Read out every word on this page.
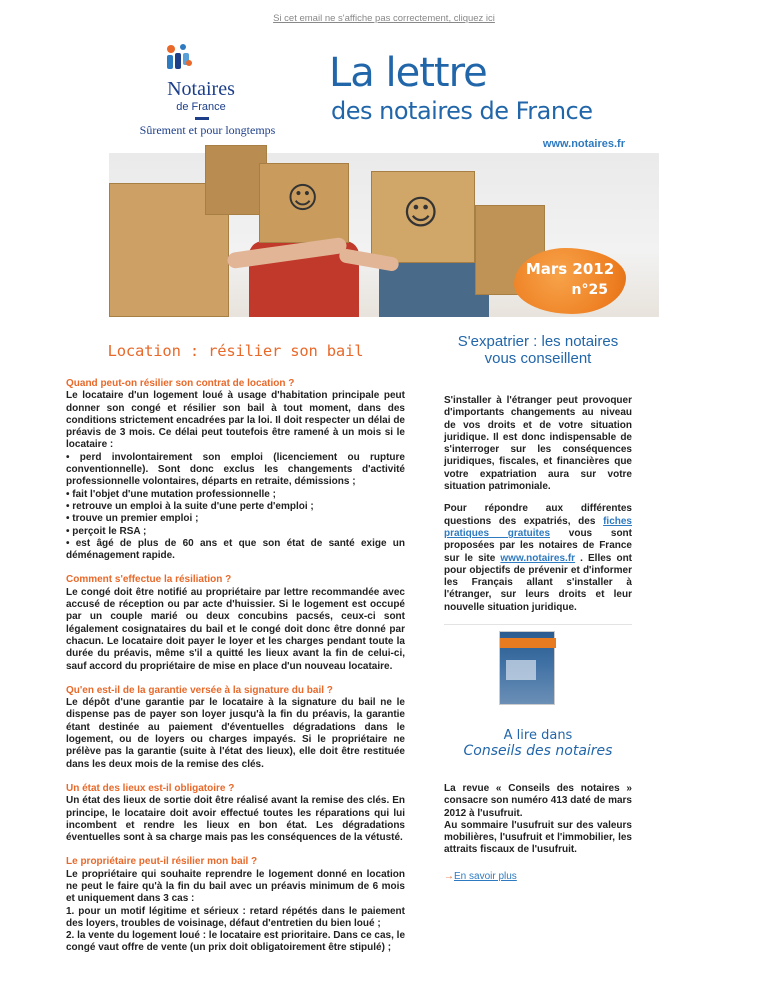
Si cet email ne s'affiche pas correctement, cliquez ici
Notaires
de France
Sûrement et pour longtemps
La lettre
des notaires de France
www.notaires.fr
☺ ☺
Mars 2012
n°25
Location : résilier son bail
Quand peut-on résilier son contrat de location ?
Le locataire d'un logement loué à usage d'habitation principale peut donner son congé et résilier son bail à tout moment, dans des conditions strictement encadrées par la loi. Il doit respecter un délai de préavis de 3 mois. Ce délai peut toutefois être ramené à un mois si le locataire :
• perd involontairement son emploi (licenciement ou rupture conventionnelle). Sont donc exclus les changements d'activité professionnelle volontaires, départs en retraite, démissions ;
• fait l'objet d'une mutation professionnelle ;
• retrouve un emploi à la suite d'une perte d'emploi ;
• trouve un premier emploi ;
• perçoit le RSA ;
• est âgé de plus de 60 ans et que son état de santé exige un déménagement rapide.
Comment s'effectue la résiliation ?
Le congé doit être notifié au propriétaire par lettre recommandée avec accusé de réception ou par acte d'huissier. Si le logement est occupé par un couple marié ou deux concubins pacsés, ceux-ci sont légalement cosignataires du bail et le congé doit donc être donné par chacun. Le locataire doit payer le loyer et les charges pendant toute la durée du préavis, même s'il a quitté les lieux avant la fin de celui-ci, sauf accord du propriétaire de mise en place d'un nouveau locataire.
Qu'en est-il de la garantie versée à la signature du bail ?
Le dépôt d'une garantie par le locataire à la signature du bail ne le dispense pas de payer son loyer jusqu'à la fin du préavis, la garantie étant destinée au paiement d'éventuelles dégradations dans le logement, ou de loyers ou charges impayés. Si le propriétaire ne prélève pas la garantie (suite à l'état des lieux), elle doit être restituée dans les deux mois de la remise des clés.
Un état des lieux est-il obligatoire ?
Un état des lieux de sortie doit être réalisé avant la remise des clés. En principe, le locataire doit avoir effectué toutes les réparations qui lui incombent et rendre les lieux en bon état. Les dégradations éventuelles sont à sa charge mais pas les conséquences de la vétusté.
Le propriétaire peut-il résilier mon bail ?
Le propriétaire qui souhaite reprendre le logement donné en location ne peut le faire qu'à la fin du bail avec un préavis minimum de 6 mois et uniquement dans 3 cas :
1. pour un motif légitime et sérieux : retard répétés dans le paiement des loyers, troubles de voisinage, défaut d'entretien du bien loué ;
2. la vente du logement loué : le locataire est prioritaire. Dans ce cas, le congé vaut offre de vente (un prix doit obligatoirement être stipulé) ;
S'expatrier : les notaires vous conseillent
S'installer à l'étranger peut provoquer d'importants changements au niveau de vos droits et de votre situation juridique. Il est donc indispensable de s'interroger sur les conséquences juridiques, fiscales, et financières que votre expatriation aura sur votre situation patrimoniale.
Pour répondre aux différentes questions des expatriés, des fiches pratiques gratuites vous sont proposées par les notaires de France sur le site www.notaires.fr . Elles ont pour objectifs de prévenir et d'informer les Français allant s'installer à l'étranger, sur leurs droits et leur nouvelle situation juridique.
A lire dans
Conseils des notaires
La revue « Conseils des notaires » consacre son numéro 413 daté de mars 2012 à l'usufruit.
Au sommaire l'usufruit sur des valeurs mobilières, l'usufruit et l'immobilier, les attraits fiscaux de l'usufruit.
→En savoir plus
